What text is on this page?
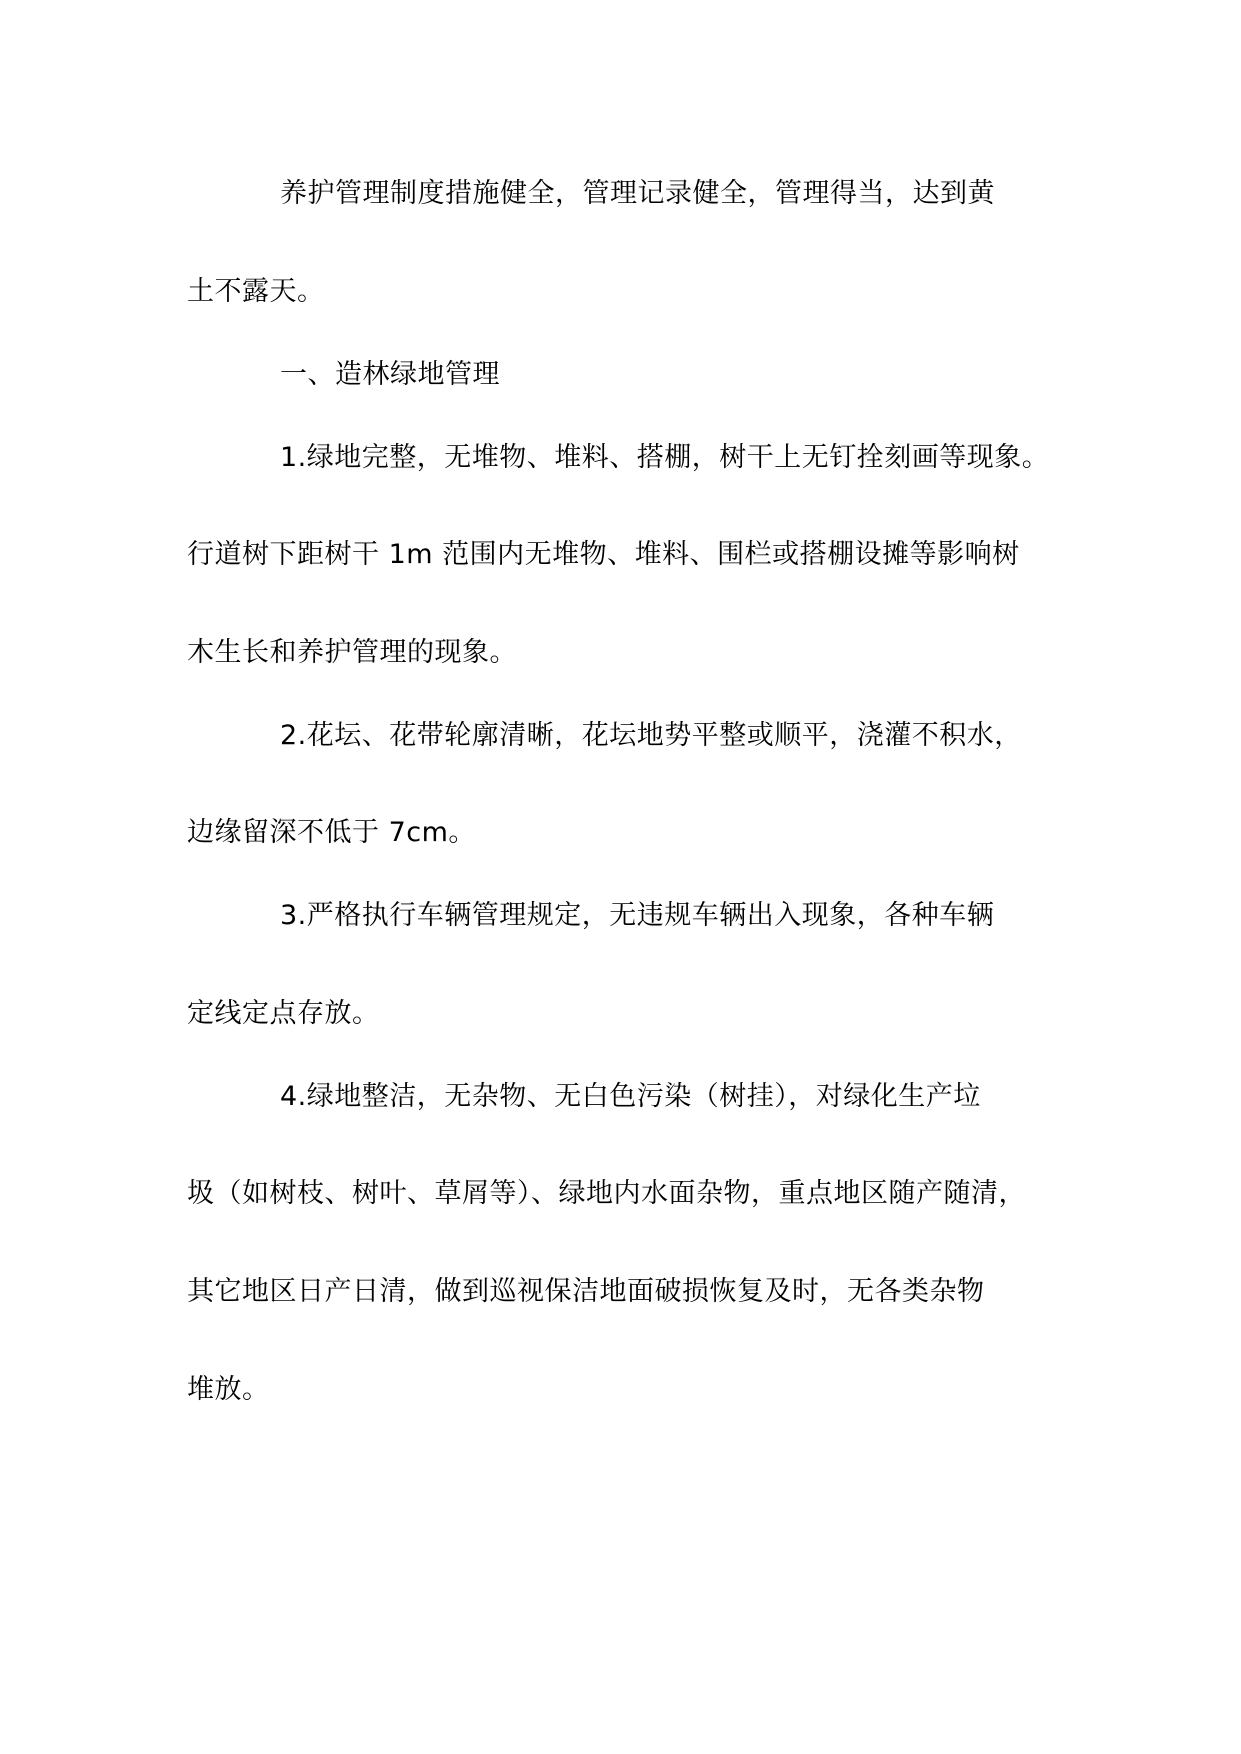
养护管理制度措施健全，管理记录健全，管理得当，达到黄
土不露天。
一、造林绿地管理
1.绿地完整，无堆物、堆料、搭棚，树干上无钉拴刻画等现象。
行道树下距树干 1m 范围内无堆物、堆料、围栏或搭棚设摊等影响树
木生长和养护管理的现象。
2.花坛、花带轮廓清晰，花坛地势平整或顺平，浇灌不积水，
边缘留深不低于 7cm。
3.严格执行车辆管理规定，无违规车辆出入现象，各种车辆
定线定点存放。
4.绿地整洁，无杂物、无白色污染（树挂），对绿化生产垃
圾（如树枝、树叶、草屑等）、绿地内水面杂物，重点地区随产随清，
其它地区日产日清，做到巡视保洁地面破损恢复及时，无各类杂物
堆放。
